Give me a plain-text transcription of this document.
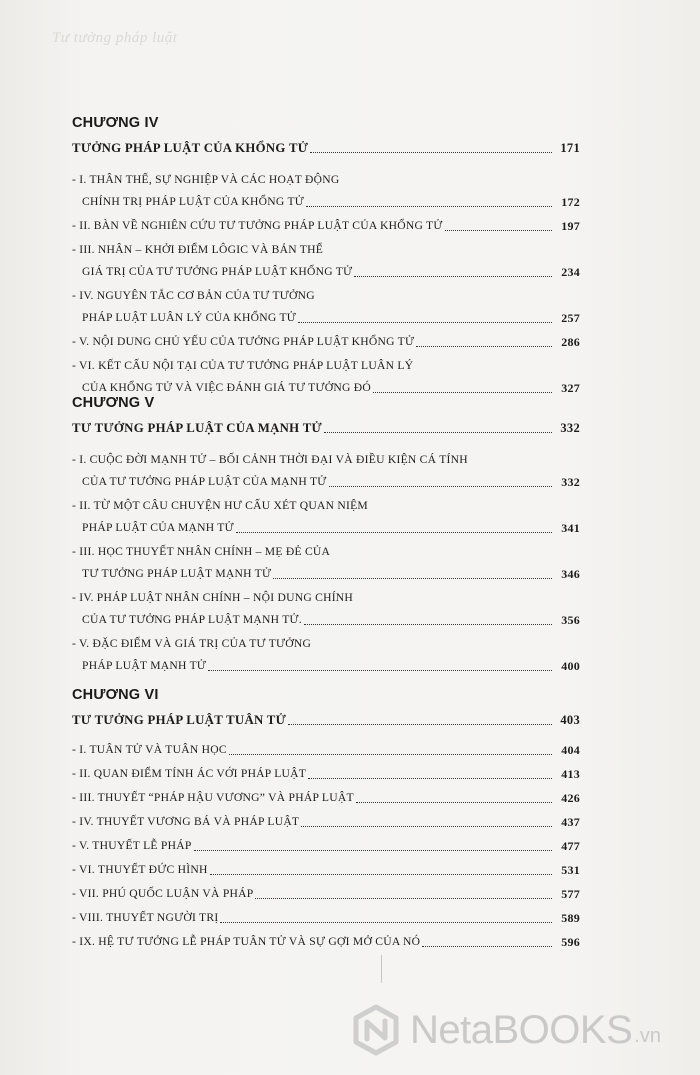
Tư tưởng pháp luật
CHƯƠNG IV
TƯỞNG PHÁP LUẬT CỦA KHỔNG TỬ	171
- I. THÂN THẾ, SỰ NGHIỆP VÀ CÁC HOẠT ĐỘNG
CHÍNH TRỊ PHÁP LUẬT CỦA KHỔNG TỬ	172
- II. BÀN VỀ NGHIÊN CỨU TƯ TƯỞNG PHÁP LUẬT CỦA KHỔNG TỬ	197
- III. NHÂN – KHỞI ĐIỂM LÔGIC VÀ BẢN THỂ
GIÁ TRỊ CỦA TƯ TƯỞNG PHÁP LUẬT KHỔNG TỬ	234
- IV. NGUYÊN TẮC CƠ BẢN CỦA TƯ TƯỞNG
PHÁP LUẬT LUÂN LÝ CỦA KHỔNG TỬ	257
- V. NỘI DUNG CHỦ YẾU CỦA TƯỞNG PHÁP LUẬT KHỔNG TỬ	286
- VI. KẾT CẤU NỘI TẠI CỦA TƯ TƯỞNG PHÁP LUẬT LUÂN LÝ
CỦA KHỔNG TỬ VÀ VIỆC ĐÁNH GIÁ TƯ TƯỞNG ĐÓ	327
CHƯƠNG V
TƯ TƯỞNG PHÁP LUẬT CỦA MẠNH TỬ	332
- I. CUỘC ĐỜI MẠNH TỬ – BỐI CẢNH THỜI ĐẠI VÀ ĐIỀU KIỆN CÁ TÍNH
CỦA TƯ TƯỞNG PHÁP LUẬT CỦA MẠNH TỬ	332
- II. TỪ MỘT CÂU CHUYỆN HƯ CẤU XÉT QUAN NIỆM
PHÁP LUẬT CỦA MẠNH TỬ	341
- III. HỌC THUYẾT NHÂN CHÍNH – MẸ ĐẺ CỦA
TƯ TƯỞNG PHÁP LUẬT MẠNH TỬ	346
- IV. PHÁP LUẬT NHÂN CHÍNH – NỘI DUNG CHÍNH
CỦA TƯ TƯỞNG PHÁP LUẬT MẠNH TỬ.	356
- V. ĐẶC ĐIỂM VÀ GIÁ TRỊ CỦA TƯ TƯỞNG
PHÁP LUẬT MẠNH TỬ	400
CHƯƠNG VI
TƯ TƯỞNG PHÁP LUẬT TUÂN TỬ	403
- I. TUÂN TỬ VÀ TUÂN HỌC	404
- II. QUAN ĐIỂM TÍNH ÁC VỚI PHÁP LUẬT	413
- III. THUYẾT “PHÁP HẬU VƯƠNG” VÀ PHÁP LUẬT	426
- IV. THUYẾT VƯƠNG BÁ VÀ PHÁP LUẬT	437
- V. THUYẾT LỄ PHÁP	477
- VI. THUYẾT ĐỨC HÌNH	531
- VII. PHÚ QUỐC LUẬN VÀ PHÁP	577
- VIII. THUYẾT NGƯỜI TRỊ	589
- IX. HỆ TƯ TƯỞNG LỄ PHÁP TUÂN TỬ VÀ SỰ GỢI MỞ CỦA NÓ	596
NetaBOOKS .vn
